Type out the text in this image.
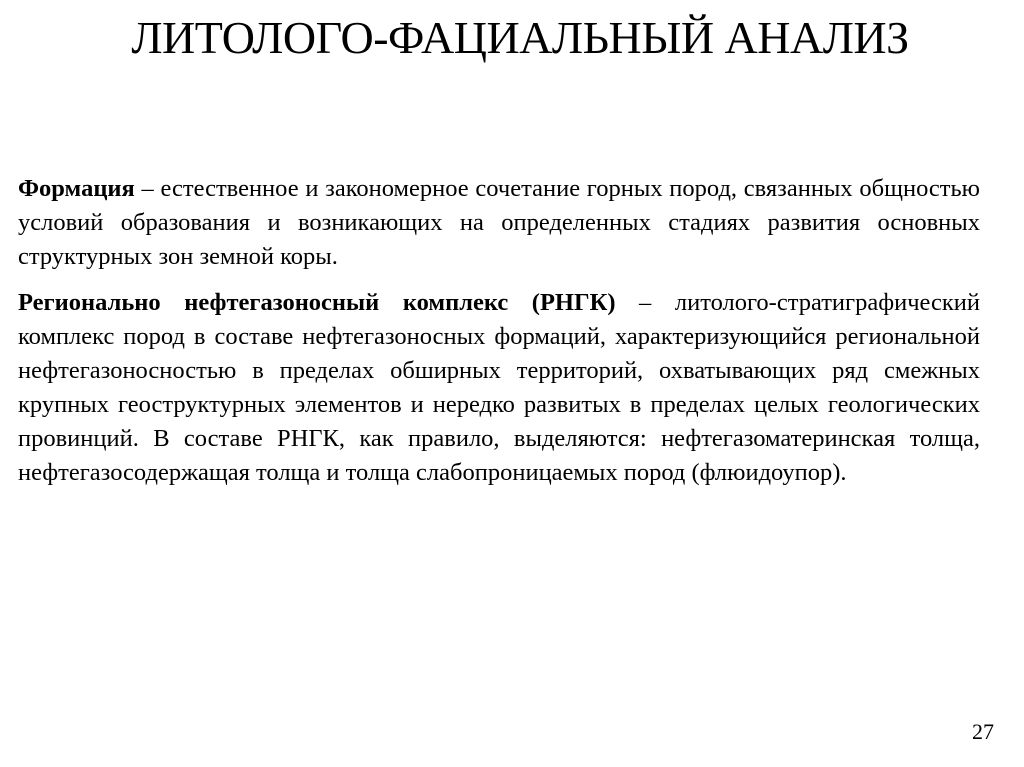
ЛИТОЛОГО-ФАЦИАЛЬНЫЙ АНАЛИЗ

Формация – естественное и закономерное сочетание горных пород, связанных общностью условий образования и возникающих на определенных стадиях развития основных структурных зон земной коры.

Регионально нефтегазоносный комплекс (РНГК) – литолого-стратиграфический комплекс пород в составе нефтегазоносных формаций, характеризующийся региональной нефтегазоносностью в пределах обширных территорий, охватывающих ряд смежных крупных геоструктурных элементов и нередко развитых в пределах целых геологических провинций. В составе РНГК, как правило, выделяются: нефтегазоматеринская толща, нефтегазосодержащая толща и толща слабопроницаемых пород (флюидоупор).

27
